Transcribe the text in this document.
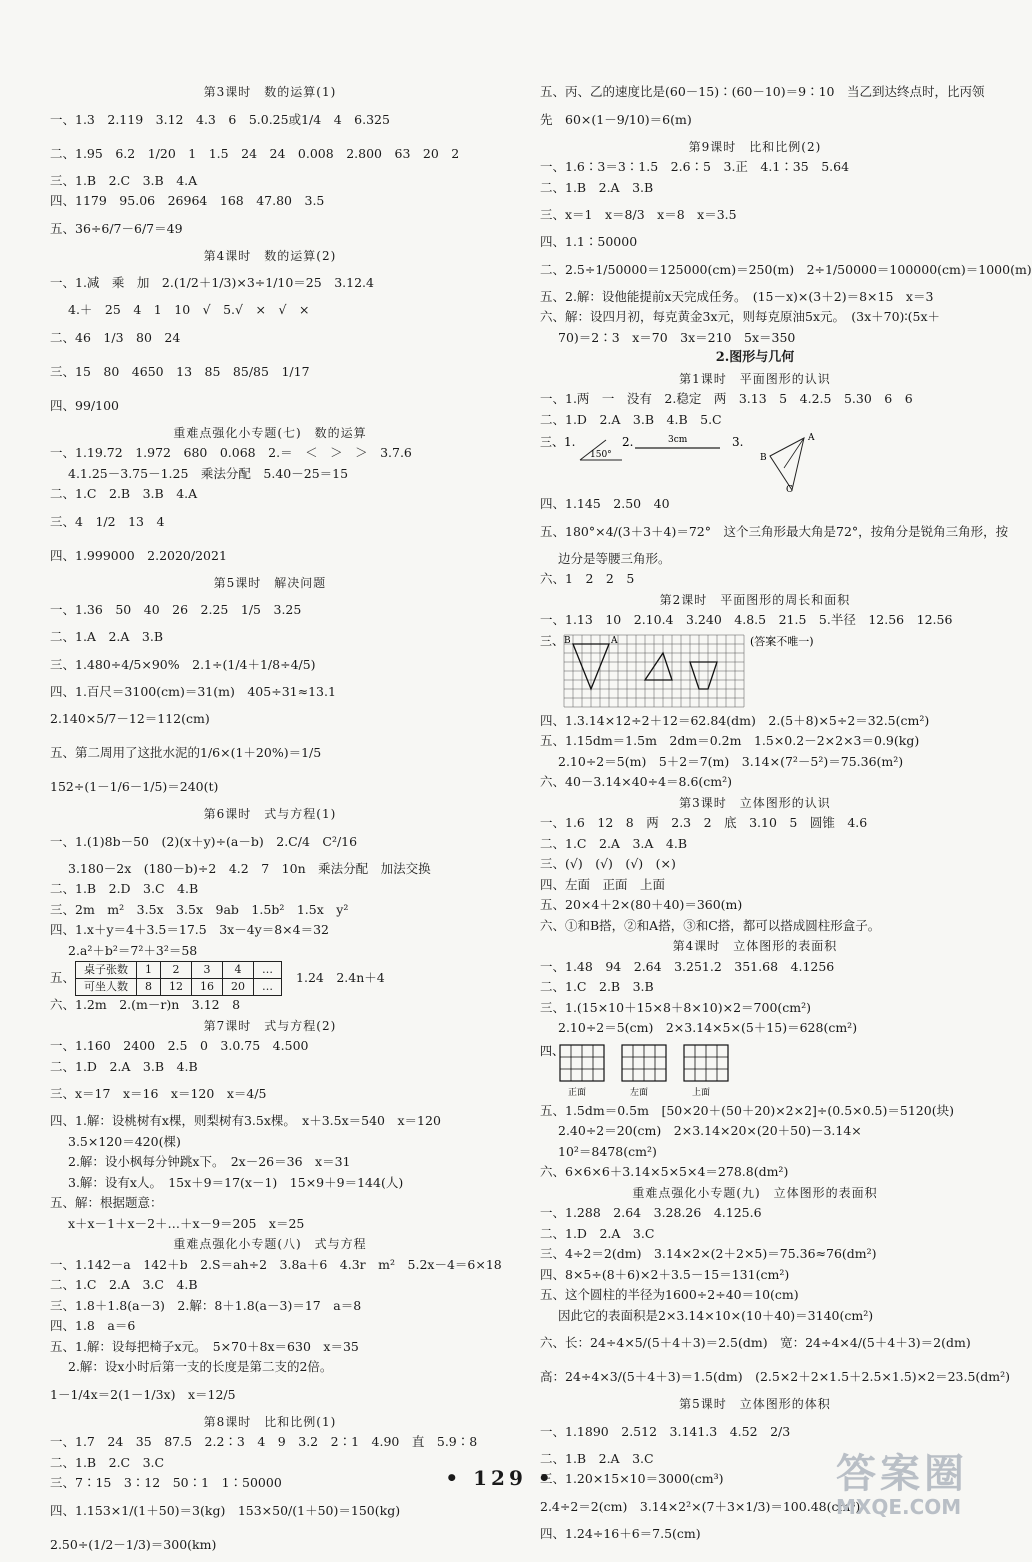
第3课时　数的运算(1)
一、1.3　2.119　3.12　4.3　6　5.0.25或1/4　4　6.325
二、1.95　6.2　1/20　1　1.5　24　24　0.008　2.800　63　20　2
三、1.B　2.C　3.B　4.A
四、1179　95.06　26964　168　47.80　3.5
五、36÷6/7－6/7＝49
第4课时　数的运算(2)
一、1.减　乘　加　2.(1/2＋1/3)×3÷1/10＝25　3.12.4
4.＋　25　4　1　10　√　5.√　×　√　×
二、46　1/3　80　24
三、15　80　4650　13　85　85/85　1/17
四、99/100
重难点强化小专题(七)　数的运算
一、1.19.72　1.972　680　0.068　2.＝　＜　＞　＞　3.7.6
4.1.25－3.75－1.25　乘法分配　5.40－25＝15
二、1.C　2.B　3.B　4.A
三、4　1/2　13　4
四、1.999000　2.2020/2021
第5课时　解决问题
一、1.36　50　40　26　2.25　1/5　3.25
二、1.A　2.A　3.B
三、1.480÷4/5×90%　2.1÷(1/4＋1/8÷4/5)
四、1.百尺＝3100(cm)＝31(m)　405÷31≈13.1
2.140×5/7－12＝112(cm)
五、第二周用了这批水泥的1/6×(1＋20%)＝1/5
152÷(1－1/6－1/5)＝240(t)
第6课时　式与方程(1)
一、1.(1)8b－50　(2)(x＋y)÷(a－b)　2.C/4　C²/16
3.180－2x　(180－b)÷2　4.2　7　10n　乘法分配　加法交换
二、1.B　2.D　3.C　4.B
三、2m　m²　3.5x　3.5x　9ab　1.5b²　1.5x　y²
四、1.x＋y＝4＋3.5＝17.5　3x－4y＝8×4＝32
2.a²＋b²＝7²＋3²＝58
五、桌子张数	1	2	3	4	…
可坐人数	8	12	16	20	…1.24　2.4n＋4
六、1.2m　2.(m－r)n　3.12　8
第7课时　式与方程(2)
一、1.160　2400　2.5　0　3.0.75　4.500
二、1.D　2.A　3.B　4.B
三、x＝17　x＝16　x＝120　x＝4/5
四、1.解：设桃树有x棵，则梨树有3.5x棵。　x＋3.5x＝540　x＝120
3.5×120＝420(棵)
2.解：设小枫每分钟跳x下。　2x－26＝36　x＝31
3.解：设有x人。　15x＋9＝17(x－1)　15×9＋9＝144(人)
五、解：根据题意：
x＋x－1＋x－2＋…＋x－9＝205　x＝25
重难点强化小专题(八)　式与方程
一、1.142－a　142＋b　2.S＝ah÷2　3.8a＋6　4.3r　m²　5.2x－4＝6×18
二、1.C　2.A　3.C　4.B
三、1.8＋1.8(a－3)　2.解：8＋1.8(a－3)＝17　a＝8
四、1.8　a＝6
五、1.解：设每把椅子x元。　5×70＋8x＝630　x＝35
2.解：设x小时后第一支的长度是第二支的2倍。
1－1/4x＝2(1－1/3x)　x＝12/5
第8课时　比和比例(1)
一、1.7　24　35　87.5　2.2∶3　4　9　3.2　2∶1　4.90　直　5.9∶8
二、1.B　2.C　3.C
三、7∶15　3∶12　50∶1　1∶50000
四、1.153×1/(1＋50)＝3(kg)　153×50/(1＋50)＝150(kg)
2.50÷(1/2－1/3)＝300(km)
五、丙、乙的速度比是(60－15)∶(60－10)＝9∶10　当乙到达终点时，比丙领
先　60×(1－9/10)＝6(m)
第9课时　比和比例(2)
一、1.6∶3＝3∶1.5　2.6∶5　3.正　4.1∶35　5.64
二、1.B　2.A　3.B
三、x＝1　x＝8/3　x＝8　x＝3.5
四、1.1∶50000
二、2.5÷1/50000＝125000(cm)＝250(m)　2÷1/50000＝100000(cm)＝1000(m)
五、2.解：设他能提前x天完成任务。　(15－x)×(3＋2)＝8×15　x＝3
六、解：设四月初，每克黄金3x元，则每克原油5x元。　(3x＋70)∶(5x＋
70)＝2∶3　x＝70　3x＝210　5x＝350
2.图形与几何
第1课时　平面图形的认识
一、1.两　一　没有　2.稳定　两　3.13　5　4.2.5　5.30　6　6
二、1.D　2.A　3.B　4.B　5.C
三、1.
150°
2.	3cm	3.	A
B
C
四、1.145　2.50　40
五、180°×4/(3＋3＋4)＝72°　这个三角形最大角是72°，按角分是锐角三角形，按
边分是等腰三角形。
六、1　2　2　5
第2课时　平面图形的周长和面积
一、1.13　10　2.10.4　3.240　4.8.5　21.5　5.半径　12.56　12.56
三、 B	A	(答案不唯一)
四、1.3.14×12÷2＋12＝62.84(dm)　2.(5＋8)×5÷2＝32.5(cm²)
五、1.15dm＝1.5m　2dm＝0.2m　1.5×0.2－2×2×3＝0.9(kg)
2.10÷2＝5(m)　5＋2＝7(m)　3.14×(7²－5²)＝75.36(m²)
六、40－3.14×40÷4＝8.6(cm²)
第3课时　立体图形的认识
一、1.6　12　8　两　2.3　2　底　3.10　5　圆锥　4.6
二、1.C　2.A　3.A　4.B
三、(√)　(√)　(√)　(×)
四、左面　正面　上面
五、20×4＋2×(80＋40)＝360(m)
六、①和B搭，②和A搭，③和C搭，都可以搭成圆柱形盒子。
第4课时　立体图形的表面积
一、1.48　94　2.64　3.251.2　351.68　4.1256
二、1.C　2.B　3.B
三、1.(15×10＋15×8＋8×10)×2＝700(cm²)
2.10÷2＝5(cm)　2×3.14×5×(5＋15)＝628(cm²)
四、
正面	左面	上面
五、1.5dm＝0.5m　[50×20＋(50＋20)×2×2]÷(0.5×0.5)＝5120(块)
2.40÷2＝20(cm)　2×3.14×20×(20＋50)－3.14×
10²＝8478(cm²)
六、6×6×6＋3.14×5×5×4＝278.8(dm²)
重难点强化小专题(九)　立体图形的表面积
一、1.288　2.64　3.28.26　4.125.6
二、1.D　2.A　3.C
三、4÷2＝2(dm)　3.14×2×(2＋2×5)＝75.36≈76(dm²)
四、8×5÷(8＋6)×2＋3.5－15＝131(cm²)
五、这个圆柱的半径为1600÷2÷40＝10(cm)
因此它的表面积是2×3.14×10×(10＋40)＝3140(cm²)
六、长：24÷4×5/(5＋4＋3)＝2.5(dm)　宽：24÷4×4/(5＋4＋3)＝2(dm)
高：24÷4×3/(5＋4＋3)＝1.5(dm)　(2.5×2＋2×1.5＋2.5×1.5)×2＝23.5(dm²)
第5课时　立体图形的体积
一、1.1890　2.512　3.141.3　4.52　2/3
二、1.B　2.A　3.C
三、1.20×15×10＝3000(cm³)
2.4÷2＝2(cm)　3.14×2²×(7＋3×1/3)＝100.48(cm³)
四、1.24÷16＋6＝7.5(cm)
• 129 •	答案圈
MXQE.COM
